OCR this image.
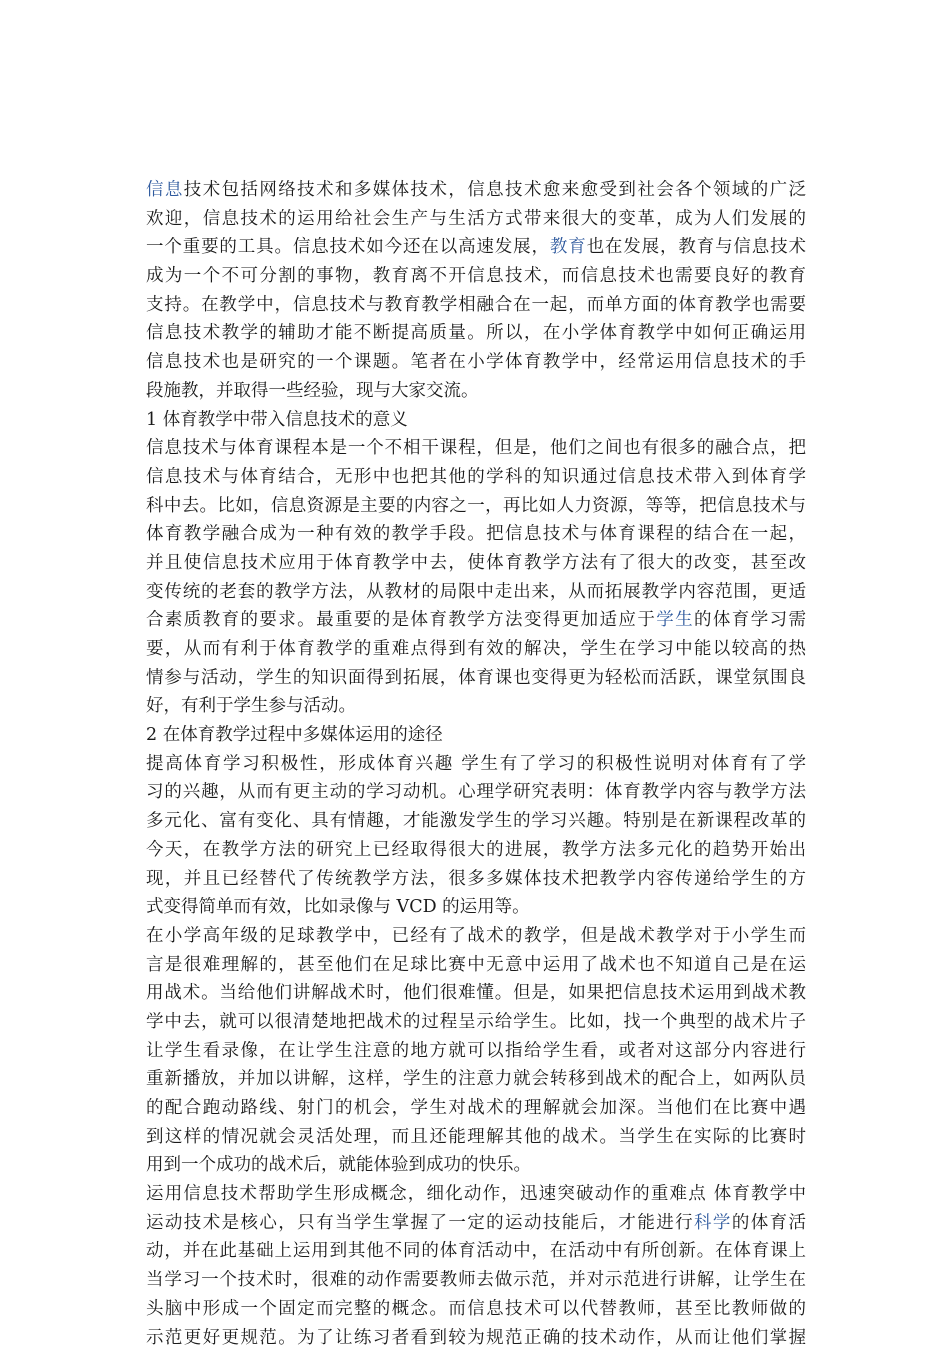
信息技术包括网络技术和多媒体技术，信息技术愈来愈受到社会各个领域的广泛
欢迎，信息技术的运用给社会生产与生活方式带来很大的变革，成为人们发展的
一个重要的工具。信息技术如今还在以高速发展，教育也在发展，教育与信息技术
成为一个不可分割的事物，教育离不开信息技术，而信息技术也需要良好的教育
支持。在教学中，信息技术与教育教学相融合在一起，而单方面的体育教学也需要
信息技术教学的辅助才能不断提高质量。所以，在小学体育教学中如何正确运用
信息技术也是研究的一个课题。笔者在小学体育教学中，经常运用信息技术的手
段施教，并取得一些经验，现与大家交流。
1 体育教学中带入信息技术的意义
信息技术与体育课程本是一个不相干课程，但是，他们之间也有很多的融合点，把
信息技术与体育结合，无形中也把其他的学科的知识通过信息技术带入到体育学
科中去。比如，信息资源是主要的内容之一，再比如人力资源，等等，把信息技术与
体育教学融合成为一种有效的教学手段。把信息技术与体育课程的结合在一起，
并且使信息技术应用于体育教学中去，使体育教学方法有了很大的改变，甚至改
变传统的老套的教学方法，从教材的局限中走出来，从而拓展教学内容范围，更适
合素质教育的要求。最重要的是体育教学方法变得更加适应于学生的体育学习需
要，从而有利于体育教学的重难点得到有效的解决，学生在学习中能以较高的热
情参与活动，学生的知识面得到拓展，体育课也变得更为轻松而活跃，课堂氛围良
好，有利于学生参与活动。
2 在体育教学过程中多媒体运用的途径
提高体育学习积极性，形成体育兴趣 学生有了学习的积极性说明对体育有了学
习的兴趣，从而有更主动的学习动机。心理学研究表明：体育教学内容与教学方法
多元化、富有变化、具有情趣，才能激发学生的学习兴趣。特别是在新课程改革的
今天，在教学方法的研究上已经取得很大的进展，教学方法多元化的趋势开始出
现，并且已经替代了传统教学方法，很多多媒体技术把教学内容传递给学生的方
式变得简单而有效，比如录像与 VCD 的运用等。
在小学高年级的足球教学中，已经有了战术的教学，但是战术教学对于小学生而
言是很难理解的，甚至他们在足球比赛中无意中运用了战术也不知道自己是在运
用战术。当给他们讲解战术时，他们很难懂。但是，如果把信息技术运用到战术教
学中去，就可以很清楚地把战术的过程呈示给学生。比如，找一个典型的战术片子
让学生看录像，在让学生注意的地方就可以指给学生看，或者对这部分内容进行
重新播放，并加以讲解，这样，学生的注意力就会转移到战术的配合上，如两队员
的配合跑动路线、射门的机会，学生对战术的理解就会加深。当他们在比赛中遇
到这样的情况就会灵活处理，而且还能理解其他的战术。当学生在实际的比赛时
用到一个成功的战术后，就能体验到成功的快乐。
运用信息技术帮助学生形成概念，细化动作，迅速突破动作的重难点 体育教学中
运动技术是核心，只有当学生掌握了一定的运动技能后，才能进行科学的体育活
动，并在此基础上运用到其他不同的体育活动中，在活动中有所创新。在体育课上
当学习一个技术时，很难的动作需要教师去做示范，并对示范进行讲解，让学生在
头脑中形成一个固定而完整的概念。而信息技术可以代替教师，甚至比教师做的
示范更好更规范。为了让练习者看到较为规范正确的技术动作，从而让他们掌握
